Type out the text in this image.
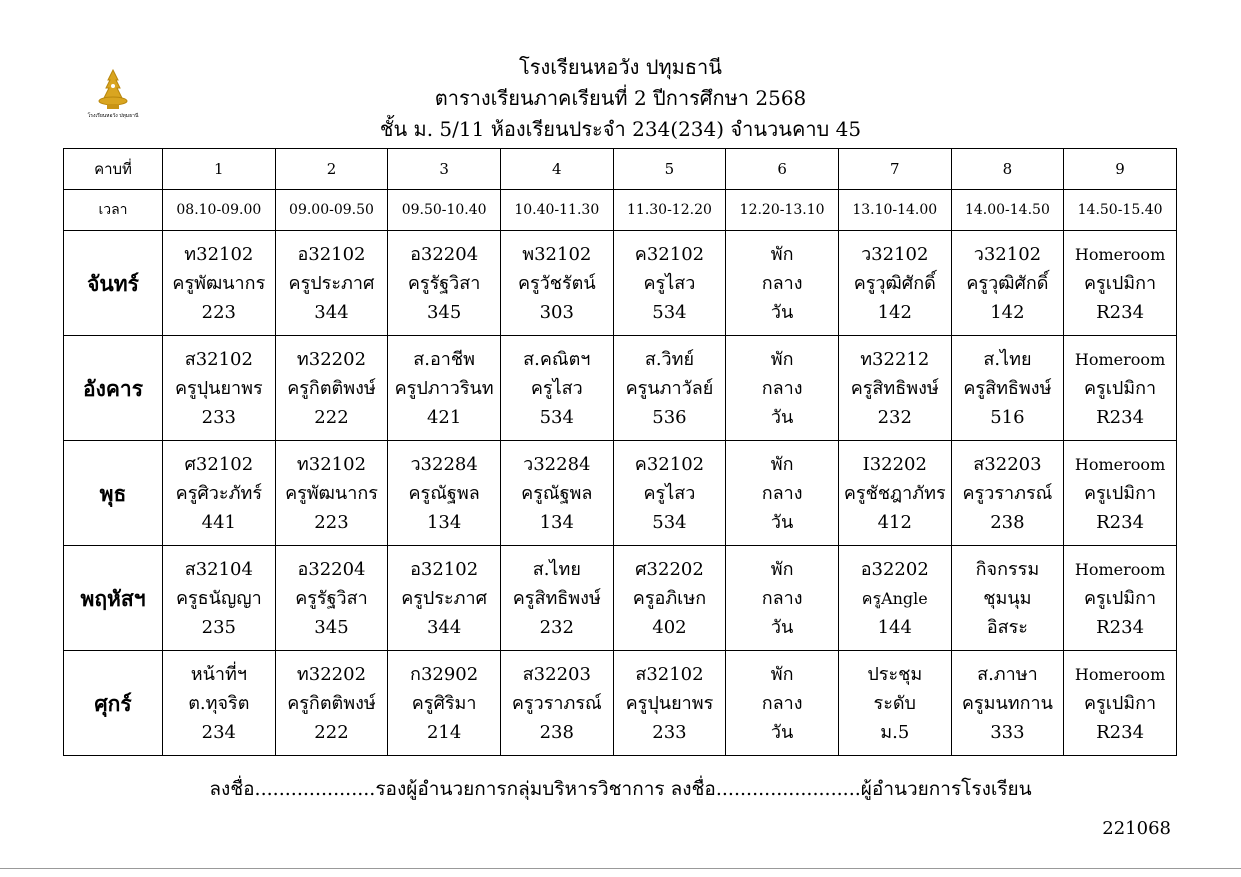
โรงเรียนหอวัง ปทุมธานี
โรงเรียนหอวัง ปทุมธานี
ตารางเรียนภาคเรียนที่ 2 ปีการศึกษา 2568
ชั้น ม. 5/11 ห้องเรียนประจำ 234(234) จำนวนคาบ 45
คาบที่	1	2	3	4	5	6	7	8	9
เวลา	08.10-09.00	09.00-09.50	09.50-10.40	10.40-11.30	11.30-12.20	12.20-13.10	13.10-14.00	14.00-14.50	14.50-15.40
จันทร์	ท32102
ครูพัฒนากร
223	อ32102
ครูประภาศ
344	อ32204
ครูรัฐวิสา
345	พ32102
ครูวัชรัตน์
303	ค32102
ครูไสว
534	พัก
กลาง
วัน	ว32102
ครูวุฒิศักดิ์
142	ว32102
ครูวุฒิศักดิ์
142	Homeroom
ครูเปมิกา
R234

อังคาร	ส32102
ครูปุนยาพร
233	ท32202
ครูกิตติพงษ์
222	ส.อาชีพ
ครูปภาวรินท
421	ส.คณิตฯ
ครูไสว
534	ส.วิทย์
ครูนภาวัลย์
536	พัก
กลาง
วัน	ท32212
ครูสิทธิพงษ์
232	ส.ไทย
ครูสิทธิพงษ์
516	Homeroom
ครูเปมิกา
R234

พุธ	ศ32102
ครูศิวะภัทร์
441	ท32102
ครูพัฒนากร
223	ว32284
ครูณัฐพล
134	ว32284
ครูณัฐพล
134	ค32102
ครูไสว
534	พัก
กลาง
วัน	I32202
ครูชัชฎาภัทร
412	ส32203
ครูวราภรณ์
238	Homeroom
ครูเปมิกา
R234

พฤหัสฯ	ส32104
ครูธนัญญา
235	อ32204
ครูรัฐวิสา
345	อ32102
ครูประภาศ
344	ส.ไทย
ครูสิทธิพงษ์
232	ศ32202
ครูอภิเษก
402	พัก
กลาง
วัน	อ32202
ครูAngle
144	กิจกรรม
ชุมนุม
อิสระ	Homeroom
ครูเปมิกา
R234

ศุกร์	หน้าที่ฯ
ต.ทุจริต
234	ท32202
ครูกิตติพงษ์
222	ก32902
ครูศิริมา
214	ส32203
ครูวราภรณ์
238	ส32102
ครูปุนยาพร
233	พัก
กลาง
วัน	ประชุม
ระดับ
ม.5	ส.ภาษา
ครูมนทกาน
333	Homeroom
ครูเปมิกา
R234
ลงชื่อ....................รองผู้อำนวยการกลุ่มบริหารวิชาการ ลงชื่อ........................ผู้อำนวยการโรงเรียน
221068
